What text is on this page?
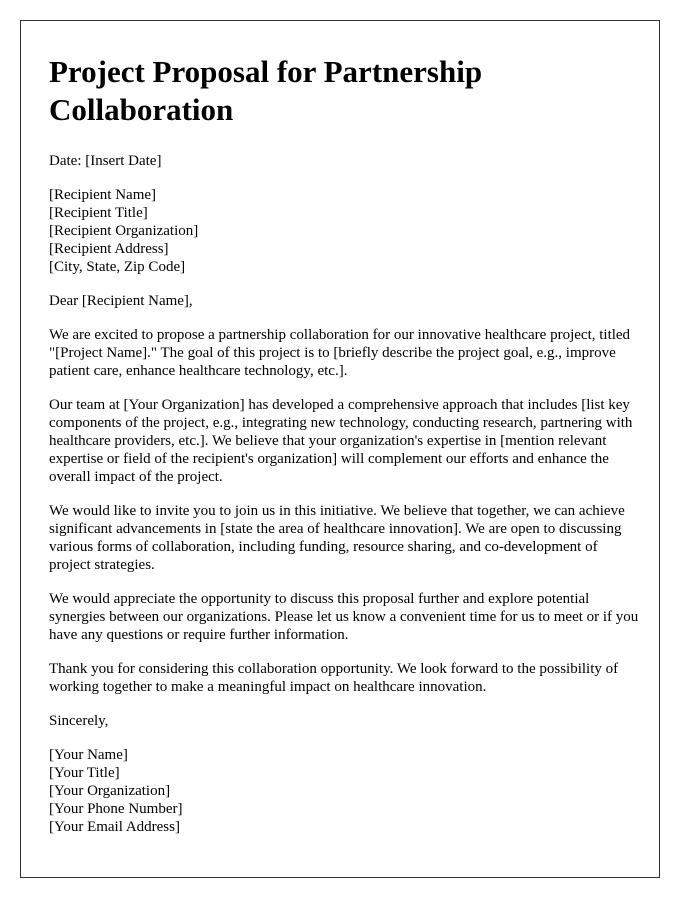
Project Proposal for Partnership Collaboration
Date: [Insert Date]
[Recipient Name]
[Recipient Title]
[Recipient Organization]
[Recipient Address]
[City, State, Zip Code]
Dear [Recipient Name],

We are excited to propose a partnership collaboration for our innovative healthcare project, titled "[Project Name]." The goal of this project is to [briefly describe the project goal, e.g., improve patient care, enhance healthcare technology, etc.].

Our team at [Your Organization] has developed a comprehensive approach that includes [list key components of the project, e.g., integrating new technology, conducting research, partnering with healthcare providers, etc.]. We believe that your organization's expertise in [mention relevant expertise or field of the recipient's organization] will complement our efforts and enhance the overall impact of the project.

We would like to invite you to join us in this initiative. We believe that together, we can achieve significant advancements in [state the area of healthcare innovation]. We are open to discussing various forms of collaboration, including funding, resource sharing, and co-development of project strategies.

We would appreciate the opportunity to discuss this proposal further and explore potential synergies between our organizations. Please let us know a convenient time for us to meet or if you have any questions or require further information.

Thank you for considering this collaboration opportunity. We look forward to the possibility of working together to make a meaningful impact on healthcare innovation.

Sincerely,
[Your Name]
[Your Title]
[Your Organization]
[Your Phone Number]
[Your Email Address]
